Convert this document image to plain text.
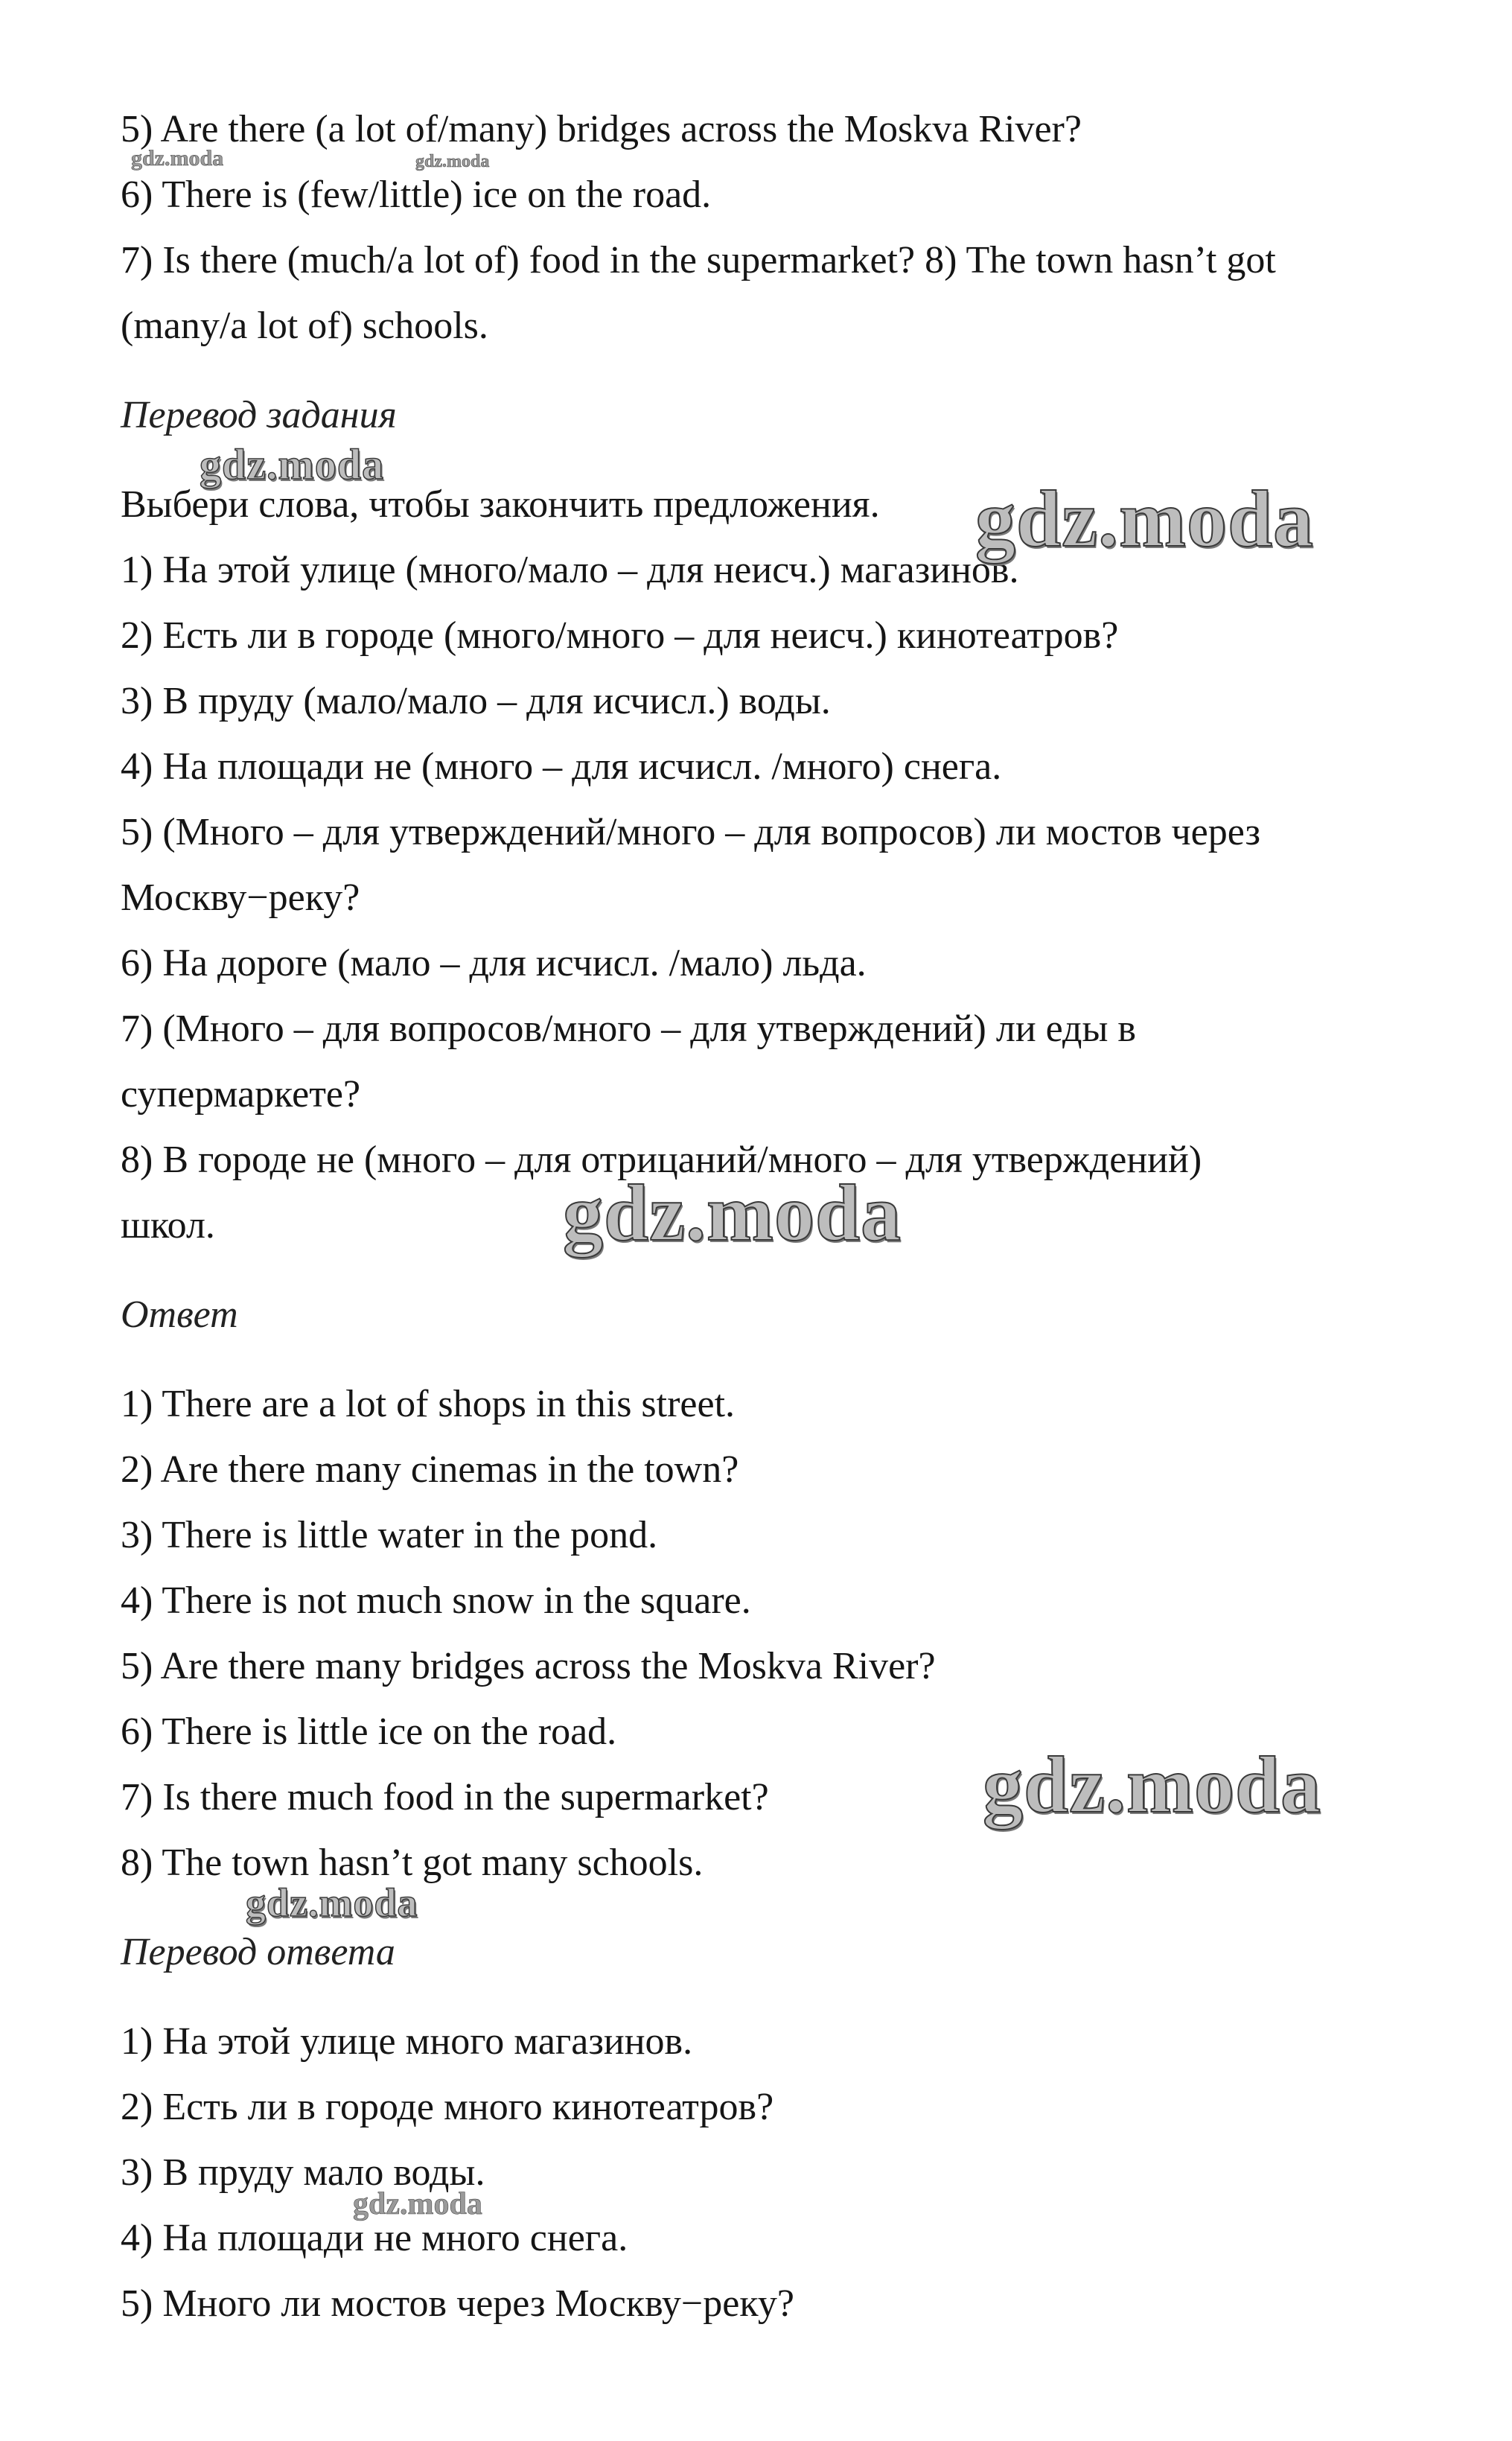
5) Are there (a lot of/many) bridges across the Moskva River?
6) There is (few/little) ice on the road.
7) Is there (much/a lot of) food in the supermarket? 8) The town hasn’t got
(many/a lot of) schools.
Перевод задания
Выбери слова, чтобы закончить предложения.
1) На этой улице (много/мало – для неисч.) магазинов.
2) Есть ли в городе (много/много – для неисч.) кинотеатров?
3) В пруду (мало/мало – для исчисл.) воды.
4) На площади не (много – для исчисл. /много) снега.
5) (Много – для утверждений/много – для вопросов) ли мостов через
Москву−реку?
6) На дороге (мало – для исчисл. /мало) льда.
7) (Много – для вопросов/много – для утверждений) ли еды в
супермаркете?
8) В городе не (много – для отрицаний/много – для утверждений)
школ.
Ответ
1) There are a lot of shops in this street.
2) Are there many cinemas in the town?
3) There is little water in the pond.
4) There is not much snow in the square.
5) Are there many bridges across the Moskva River?
6) There is little ice on the road.
7) Is there much food in the supermarket?
8) The town hasn’t got many schools.
Перевод ответа
1) На этой улице много магазинов.
2) Есть ли в городе много кинотеатров?
3) В пруду мало воды.
4) На площади не много снега.
5) Много ли мостов через Москву−реку?
gdz.moda	gdz.moda
gdz.moda
gdz.moda
gdz.moda
gdz.moda
gdz.moda
gdz.moda
